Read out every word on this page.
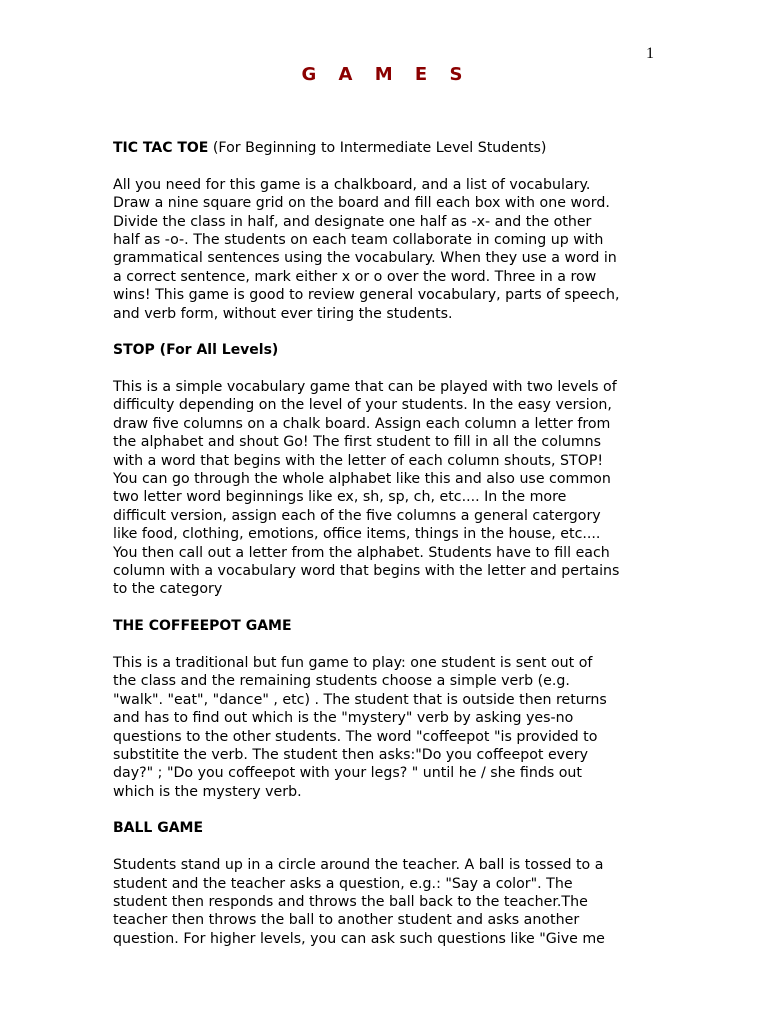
1
G A M E S
TIC TAC TOE (For Beginning to Intermediate Level Students)
All you need for this game is a chalkboard, and a list of vocabulary.
Draw a nine square grid on the board and fill each box with one word.
Divide the class in half, and designate one half as -x- and the other
half as -o-. The students on each team collaborate in coming up with
grammatical sentences using the vocabulary. When they use a word in
a correct sentence, mark either x or o over the word. Three in a row
wins! This game is good to review general vocabulary, parts of speech,
and verb form, without ever tiring the students.
STOP (For All Levels)
This is a simple vocabulary game that can be played with two levels of
difficulty depending on the level of your students. In the easy version,
draw five columns on a chalk board. Assign each column a letter from
the alphabet and shout Go! The first student to fill in all the columns
with a word that begins with the letter of each column shouts, STOP!
You can go through the whole alphabet like this and also use common
two letter word beginnings like ex, sh, sp, ch, etc.... In the more
difficult version, assign each of the five columns a general catergory
like food, clothing, emotions, office items, things in the house, etc....
You then call out a letter from the alphabet. Students have to fill each
column with a vocabulary word that begins with the letter and pertains
to the category
THE COFFEEPOT GAME
This is a traditional but fun game to play: one student is sent out of
the class and the remaining students choose a simple verb (e.g.
"walk". "eat", "dance" , etc) . The student that is outside then returns
and has to find out which is the "mystery" verb by asking yes-no
questions to the other students. The word "coffeepot "is provided to
substitite the verb. The student then asks:"Do you coffeepot every
day?" ; "Do you coffeepot with your legs? " until he / she finds out
which is the mystery verb.
BALL GAME
Students stand up in a circle around the teacher. A ball is tossed to a
student and the teacher asks a question, e.g.: "Say a color". The
student then responds and throws the ball back to the teacher.The
teacher then throws the ball to another student and asks another
question. For higher levels, you can ask such questions like "Give me
